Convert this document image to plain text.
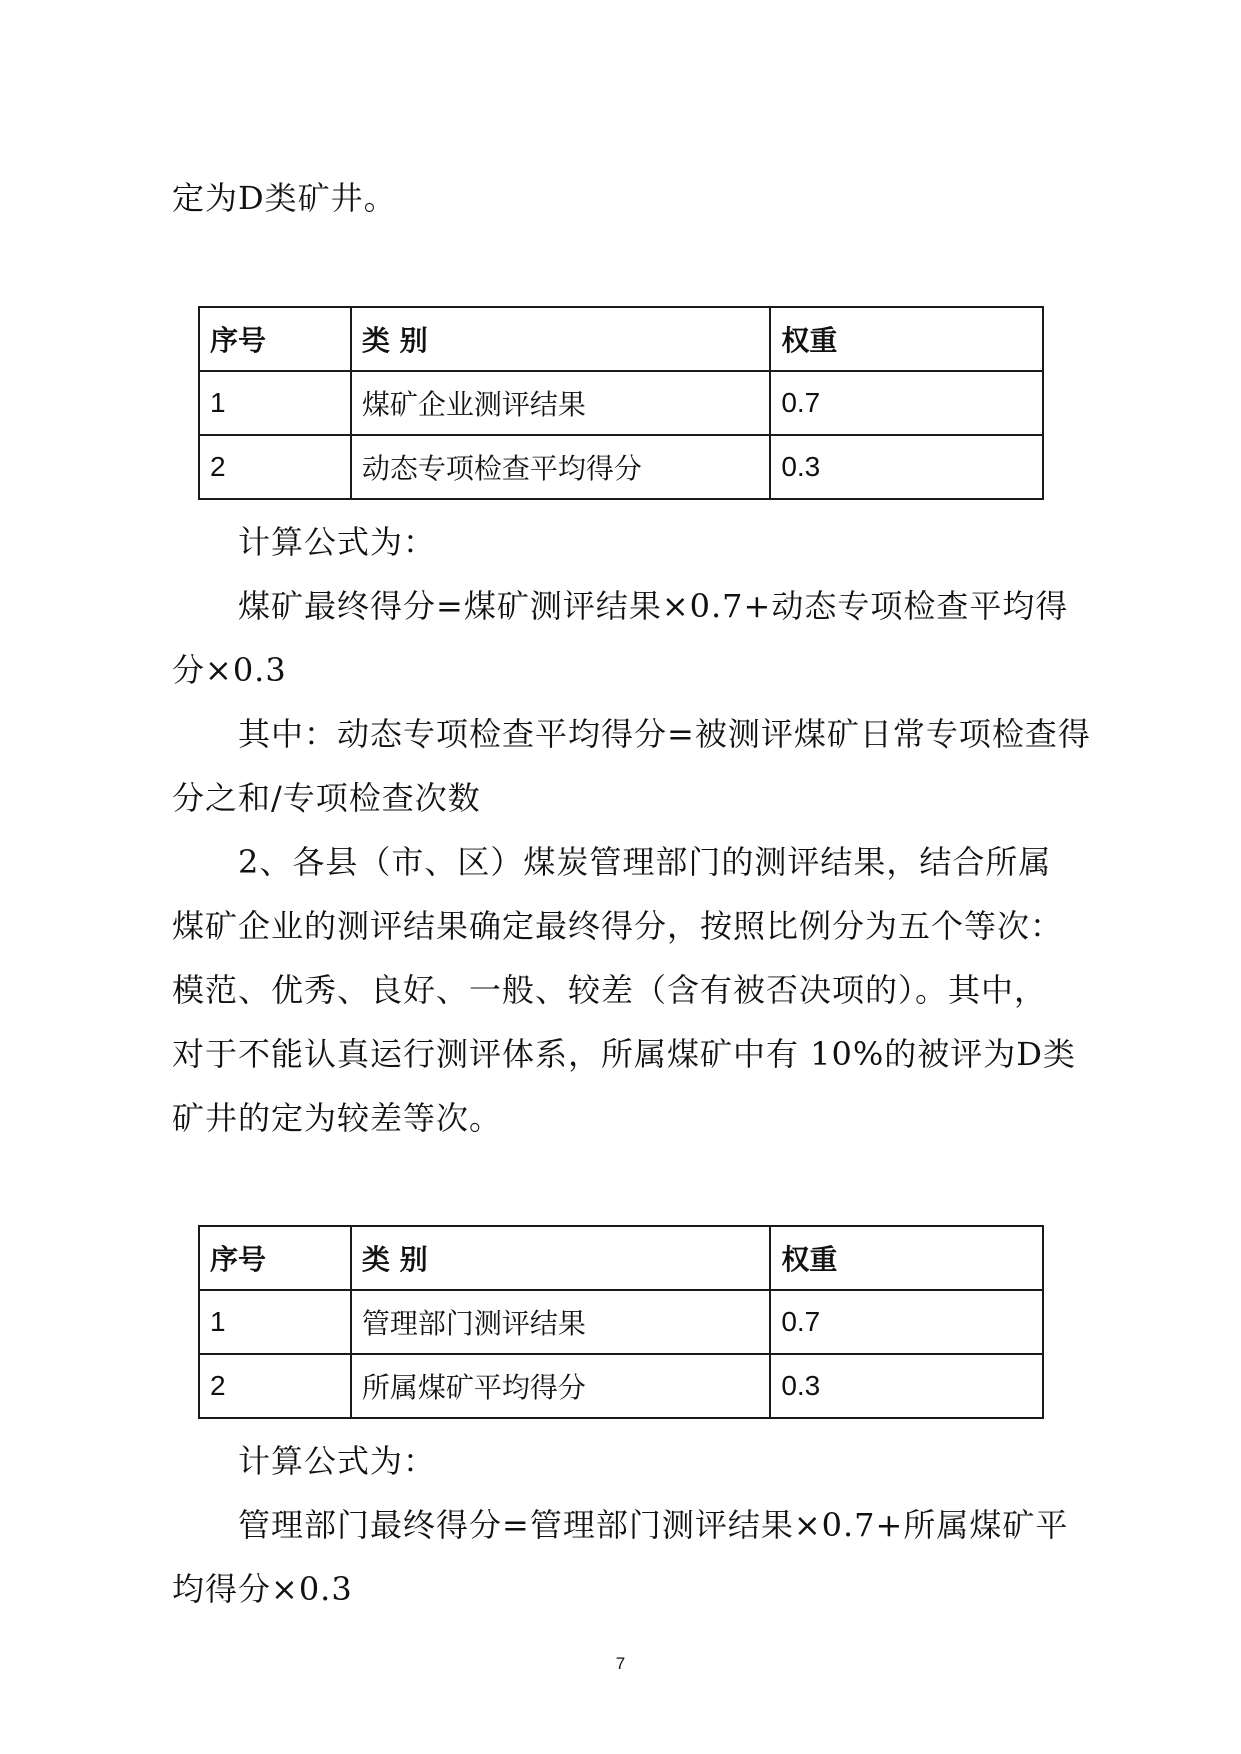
定为D类矿井。
序号	类 别	权重
1	煤矿企业测评结果	0.7
2	动态专项检查平均得分	0.3
计算公式为：
煤矿最终得分=煤矿测评结果×0.7+动态专项检查平均得
分×0.3
其中：动态专项检查平均得分=被测评煤矿日常专项检查得
分之和/专项检查次数
2、各县（市、区）煤炭管理部门的测评结果，结合所属
煤矿企业的测评结果确定最终得分，按照比例分为五个等次：
模范、优秀、良好、一般、较差（含有被否决项的）。其中，
对于不能认真运行测评体系，所属煤矿中有 10%的被评为D类
矿井的定为较差等次。
序号	类 别	权重
1	管理部门测评结果	0.7
2	所属煤矿平均得分	0.3
计算公式为：
管理部门最终得分=管理部门测评结果×0.7+所属煤矿平
均得分×0.3
7
